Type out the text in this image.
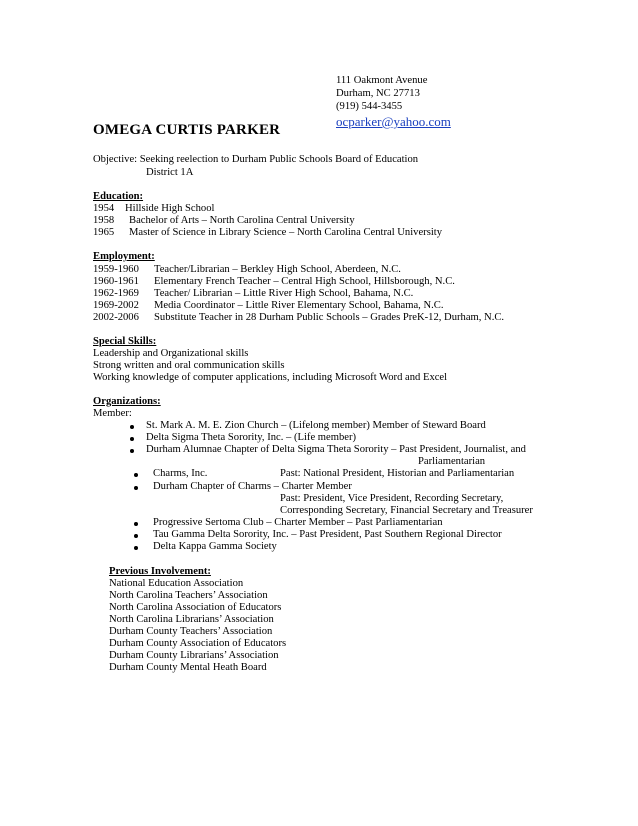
111 Oakmont Avenue
Durham, NC 27713
(919) 544-3455
ocparker@yahoo.com
OMEGA CURTIS PARKER
Objective: Seeking reelection to Durham Public Schools Board of Education
District 1A
Education:
1954 Hillside High School
1958 Bachelor of Arts – North Carolina Central University
1965 Master of Science in Library Science – North Carolina Central University
Employment:
1959-1960 Teacher/Librarian – Berkley High School, Aberdeen, N.C.
1960-1961 Elementary French Teacher – Central High School, Hillsborough, N.C.
1962-1969 Teacher/ Librarian – Little River High School, Bahama, N.C.
1969-2002 Media Coordinator – Little River Elementary School, Bahama, N.C.
2002-2006 Substitute Teacher in 28 Durham Public Schools – Grades PreK-12, Durham, N.C.
Special Skills:
Leadership and Organizational skills
Strong written and oral communication skills
Working knowledge of computer applications, including Microsoft Word and Excel
Organizations:
Member:
St. Mark A. M. E. Zion Church – (Lifelong member) Member of Steward Board
Delta Sigma Theta Sorority, Inc. – (Life member)
Durham Alumnae Chapter of Delta Sigma Theta Sorority – Past President, Journalist, and
Parliamentarian
Charms, Inc.	Past: National President, Historian and Parliamentarian
Durham Chapter of Charms – Charter Member
Past: President, Vice President, Recording Secretary,
Corresponding Secretary, Financial Secretary and Treasurer
Progressive Sertoma Club – Charter Member – Past Parliamentarian
Tau Gamma Delta Sorority, Inc. – Past President, Past Southern Regional Director
Delta Kappa Gamma Society
Previous Involvement:
National Education Association
North Carolina Teachers’ Association
North Carolina Association of Educators
North Carolina Librarians’ Association
Durham County Teachers’ Association
Durham County Association of Educators
Durham County Librarians’ Association
Durham County Mental Heath Board
